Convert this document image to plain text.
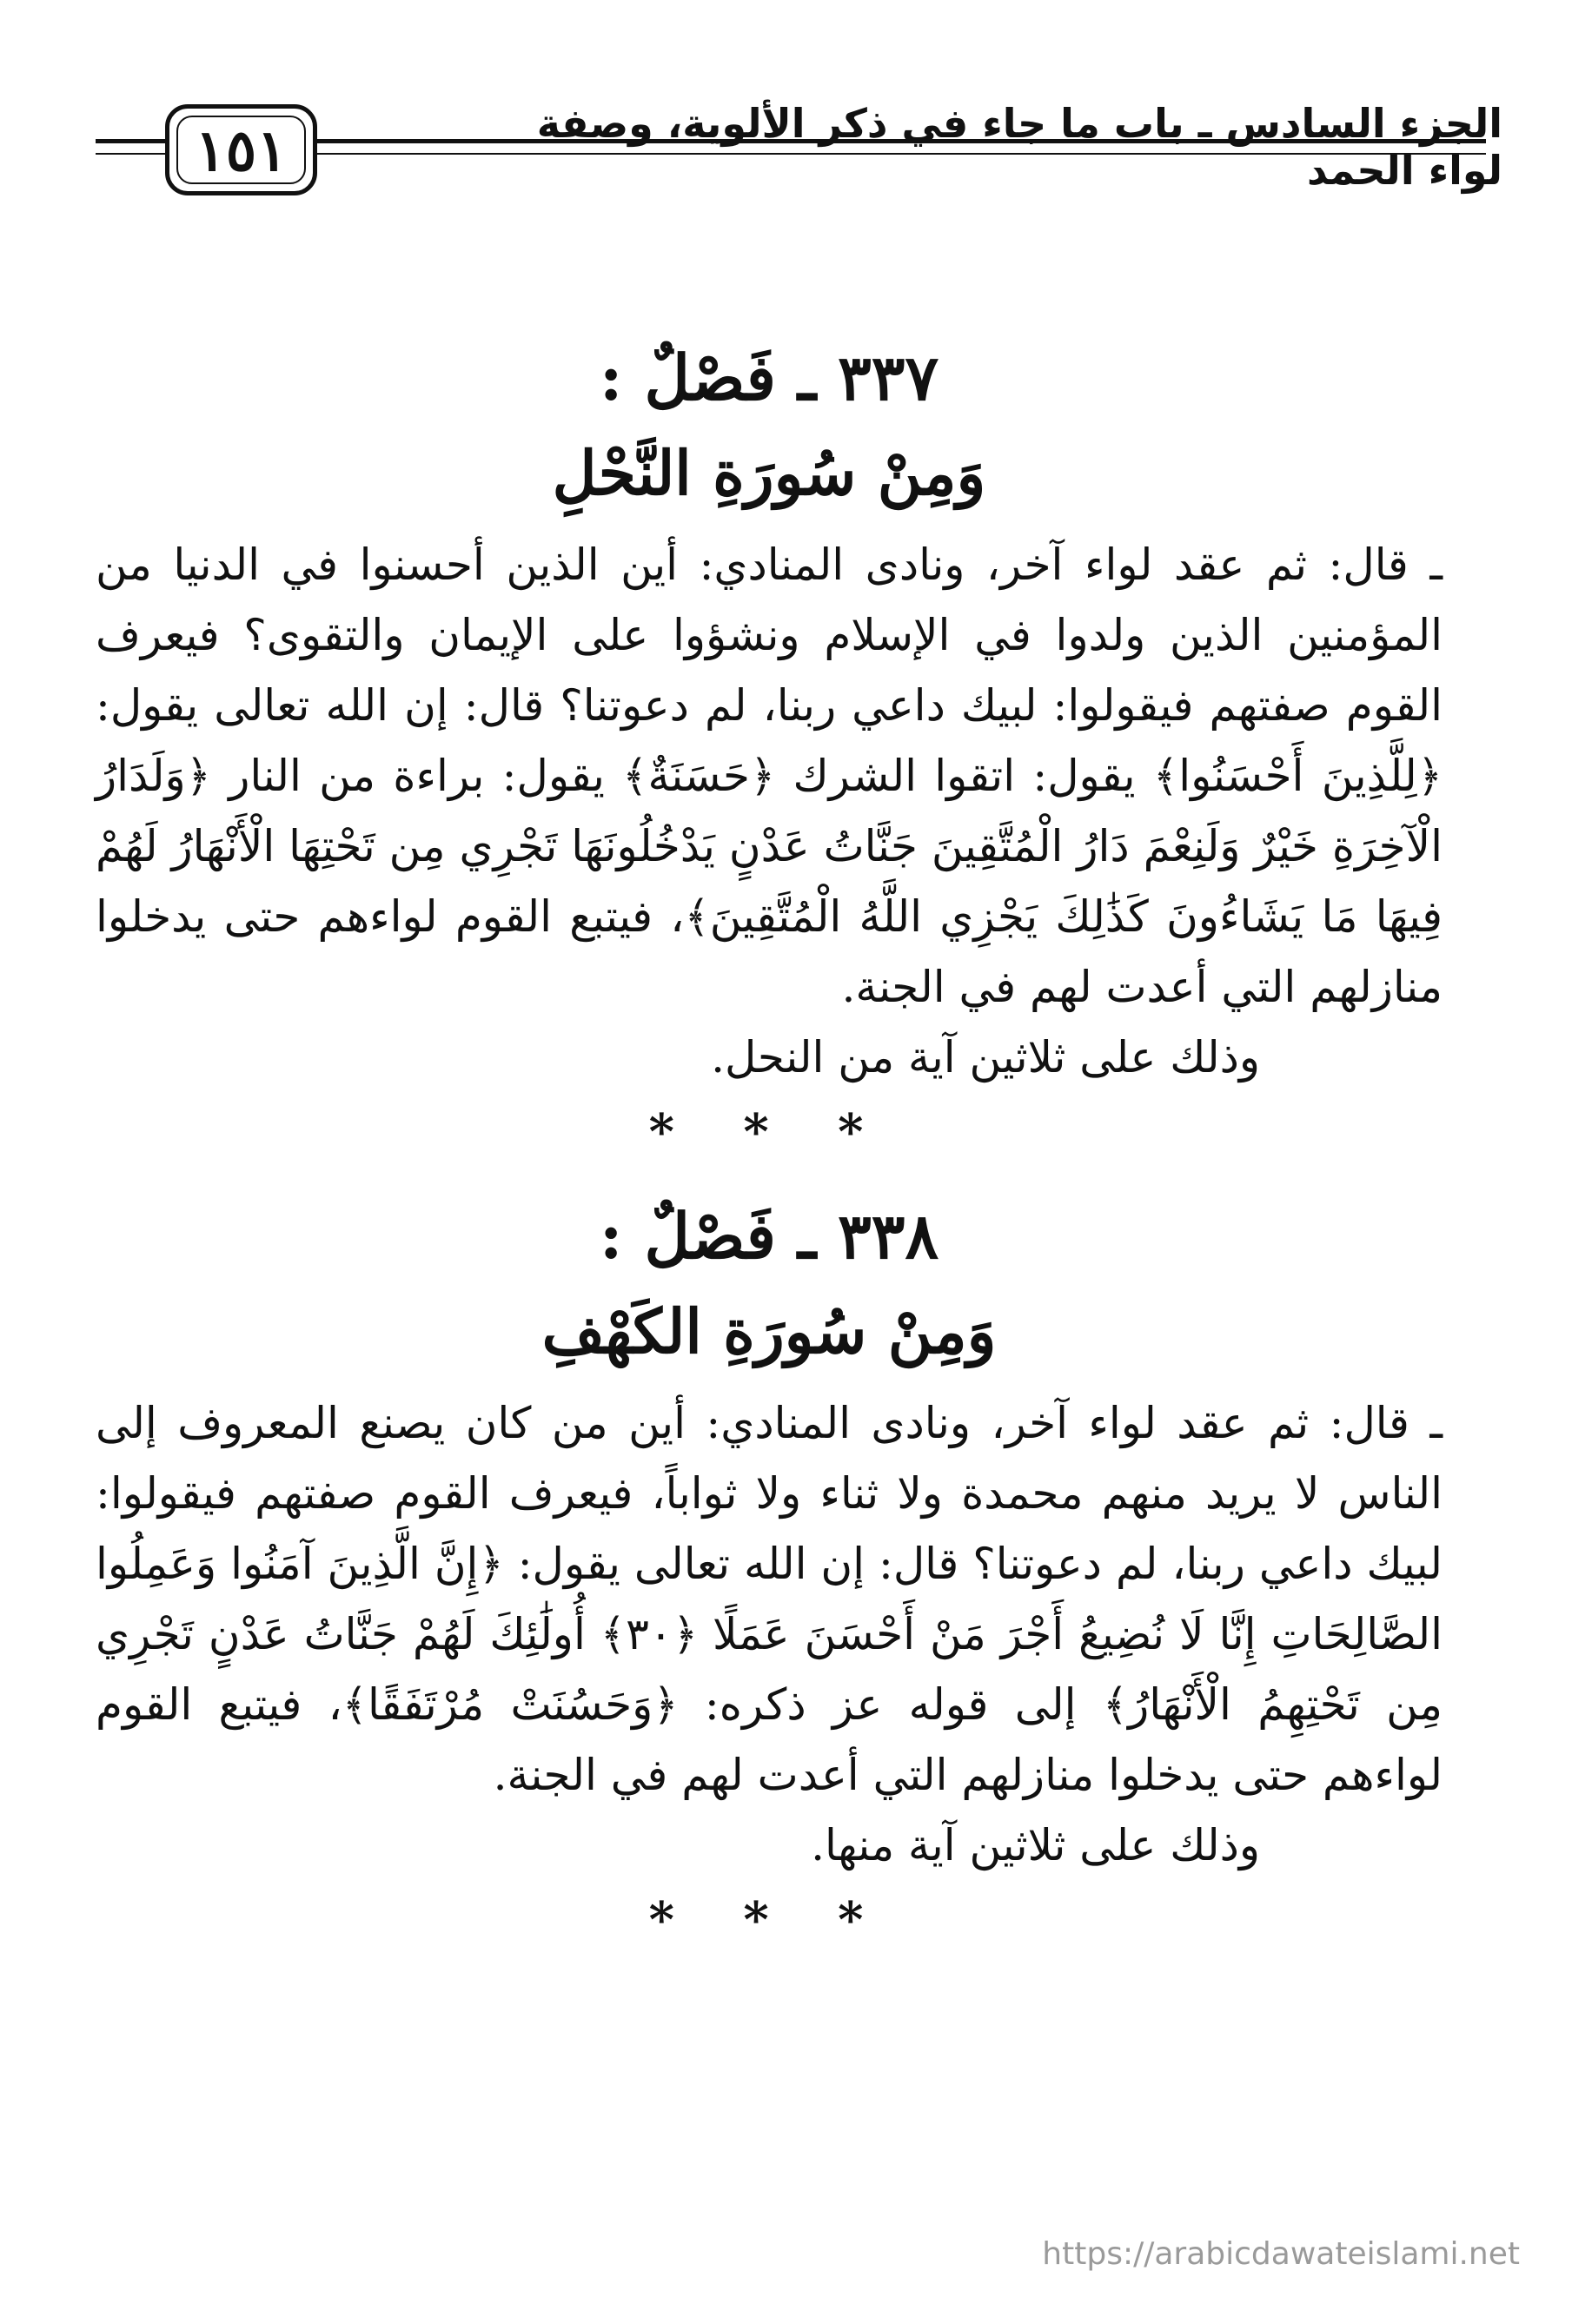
١٥١	الجزء السادس ـ باب ما جاء في ذكر الألوية، وصفة لواء الحمد
٣٣٧ ـ فَصْلٌ :
وَمِنْ سُورَةِ النَّحْلِ

ـ قال: ثم عقد لواء آخر، ونادى المنادي: أين الذين أحسنوا في الدنيا من المؤمنين الذين ولدوا في الإسلام ونشؤوا على الإيمان والتقوى؟ فيعرف القوم صفتهم فيقولوا: لبيك داعي ربنا، لم دعوتنا؟ قال: إن الله تعالى يقول: ﴿لِلَّذِينَ أَحْسَنُوا﴾ يقول: اتقوا الشرك ﴿حَسَنَةٌ﴾ يقول: براءة من النار ﴿وَلَدَارُ الْآخِرَةِ خَيْرٌ وَلَنِعْمَ دَارُ الْمُتَّقِينَ جَنَّاتُ عَدْنٍ يَدْخُلُونَهَا تَجْرِي مِن تَحْتِهَا الْأَنْهَارُ لَهُمْ فِيهَا مَا يَشَاءُونَ كَذَٰلِكَ يَجْزِي اللَّهُ الْمُتَّقِينَ﴾، فيتبع القوم لواءهم حتى يدخلوا منازلهم التي أعدت لهم في الجنة.

وذلك على ثلاثين آية من النحل.

* * *
٣٣٨ ـ فَصْلٌ :
وَمِنْ سُورَةِ الكَهْفِ

ـ قال: ثم عقد لواء آخر، ونادى المنادي: أين من كان يصنع المعروف إلى الناس لا يريد منهم محمدة ولا ثناء ولا ثواباً، فيعرف القوم صفتهم فيقولوا: لبيك داعي ربنا، لم دعوتنا؟ قال: إن الله تعالى يقول: ﴿إِنَّ الَّذِينَ آمَنُوا وَعَمِلُوا الصَّالِحَاتِ إِنَّا لَا نُضِيعُ أَجْرَ مَنْ أَحْسَنَ عَمَلًا ﴿٣٠﴾ أُولَٰئِكَ لَهُمْ جَنَّاتُ عَدْنٍ تَجْرِي مِن تَحْتِهِمُ الْأَنْهَارُ﴾ إلى قوله عز ذكره: ﴿وَحَسُنَتْ مُرْتَفَقًا﴾، فيتبع القوم لواءهم حتى يدخلوا منازلهم التي أعدت لهم في الجنة.

وذلك على ثلاثين آية منها.

* * *
https://arabicdawateislami.net
